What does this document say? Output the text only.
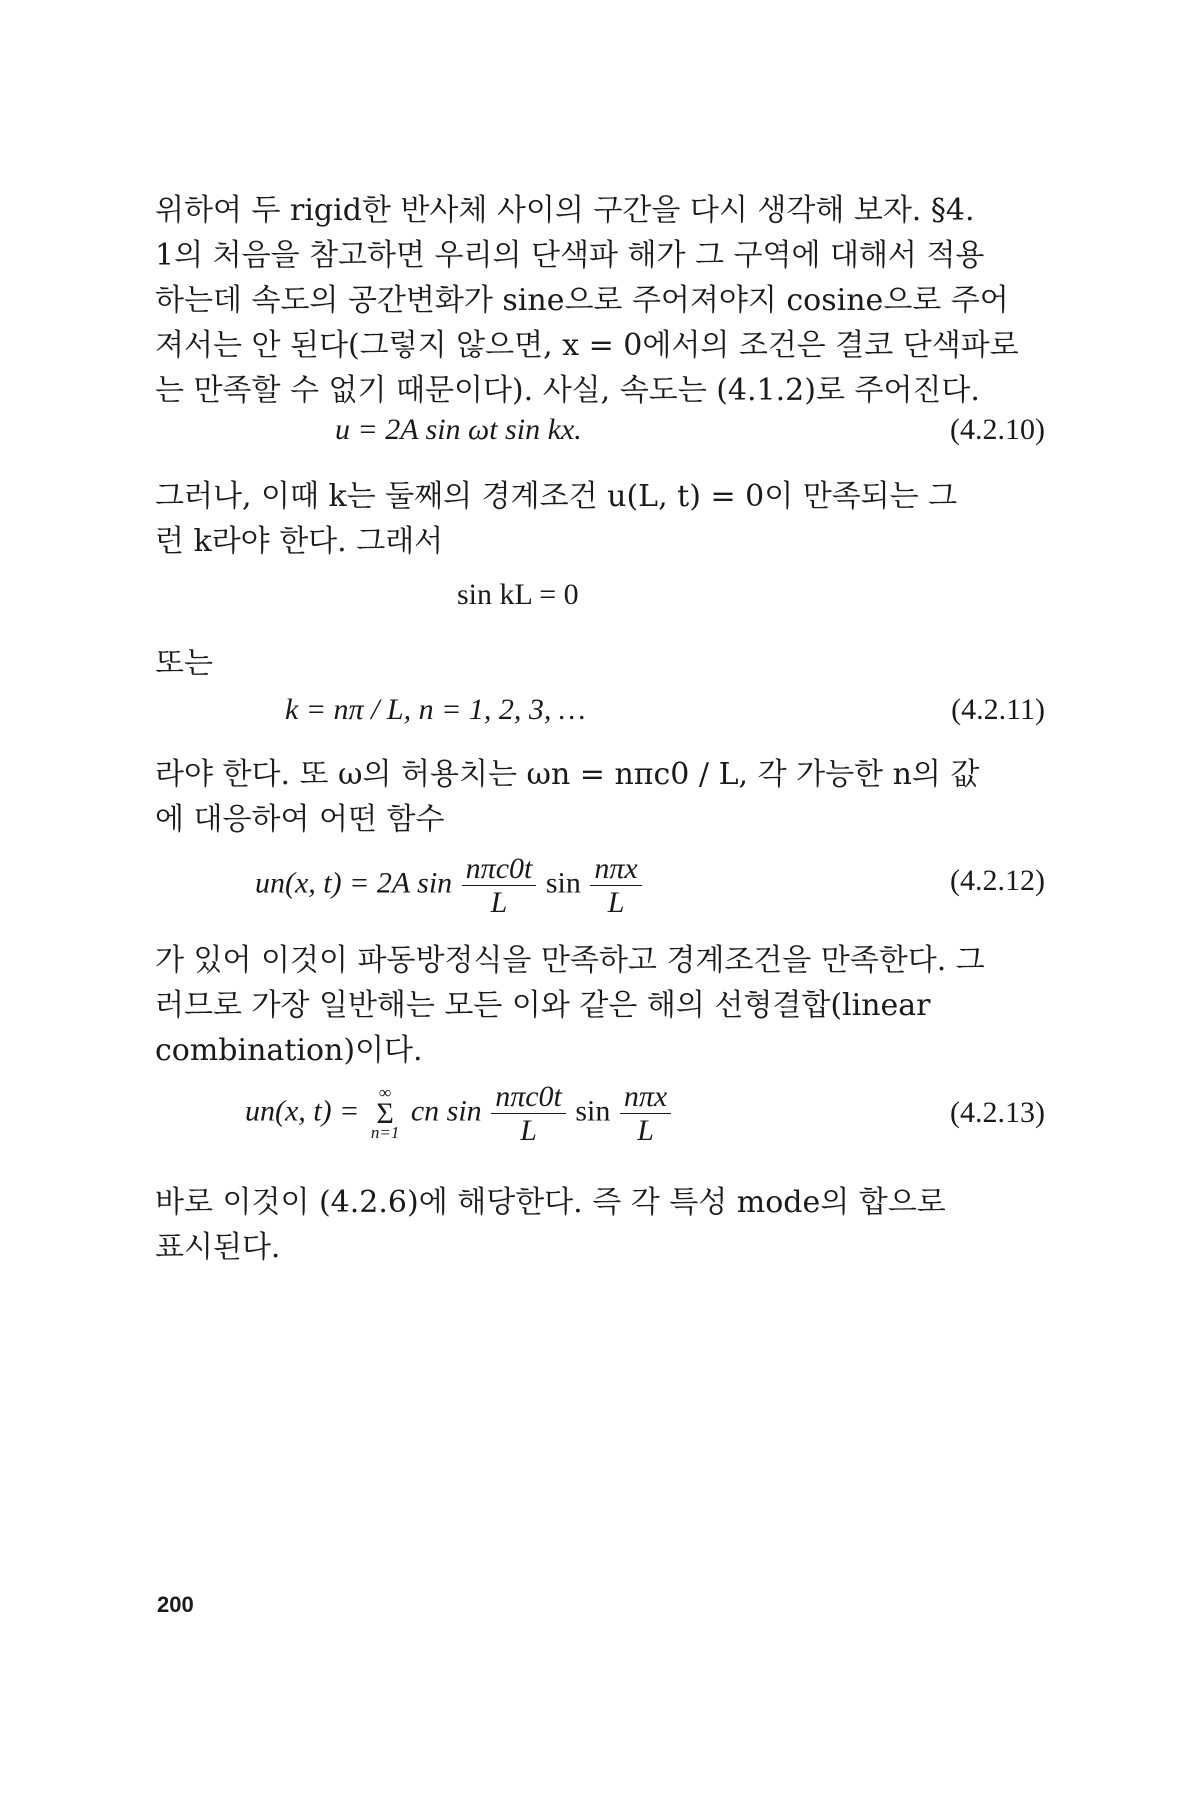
위하여 두 rigid한 반사체 사이의 구간을 다시 생각해 보자. §4.
1의 처음을 참고하면 우리의 단색파 해가 그 구역에 대해서 적용
하는데 속도의 공간변화가 sine으로 주어져야지 cosine으로 주어
져서는 안 된다(그렇지 않으면, x = 0에서의 조건은 결코 단색파로
는 만족할 수 없기 때문이다). 사실, 속도는 (4.1.2)로 주어진다.

u = 2A sin ωt sin kx.	(4.2.10)

그러나, 이때 k는 둘째의 경계조건 u(L, t) = 0이 만족되는 그
런 k라야 한다. 그래서

sin kL = 0

또는

k = nπ / L, n = 1, 2, 3, …	(4.2.11)

라야 한다. 또 ω의 허용치는 ωn = nπc0 / L, 각 가능한 n의 값
에 대응하여 어떤 함수

un(x, t) = 2A $\sin \frac{\text{nπc0t}}{L}$ $\sin \frac{\text{nπx}}{L}$	(4.2.12)

가 있어 이것이 파동방정식을 만족하고 경계조건을 만족한다. 그
러므로 가장 일반해는 모든 이와 같은 해의 선형결합(linear
combination)이다.

un(x, t) =
∞
Σ
n=1
cn $\sin \frac{\text{nπc0t}}{L}$ $\sin \frac{\text{nπx}}{L}$	(4.2.13)

바로 이것이 (4.2.6)에 해당한다. 즉 각 특성 mode의 합으로
표시된다.

200
